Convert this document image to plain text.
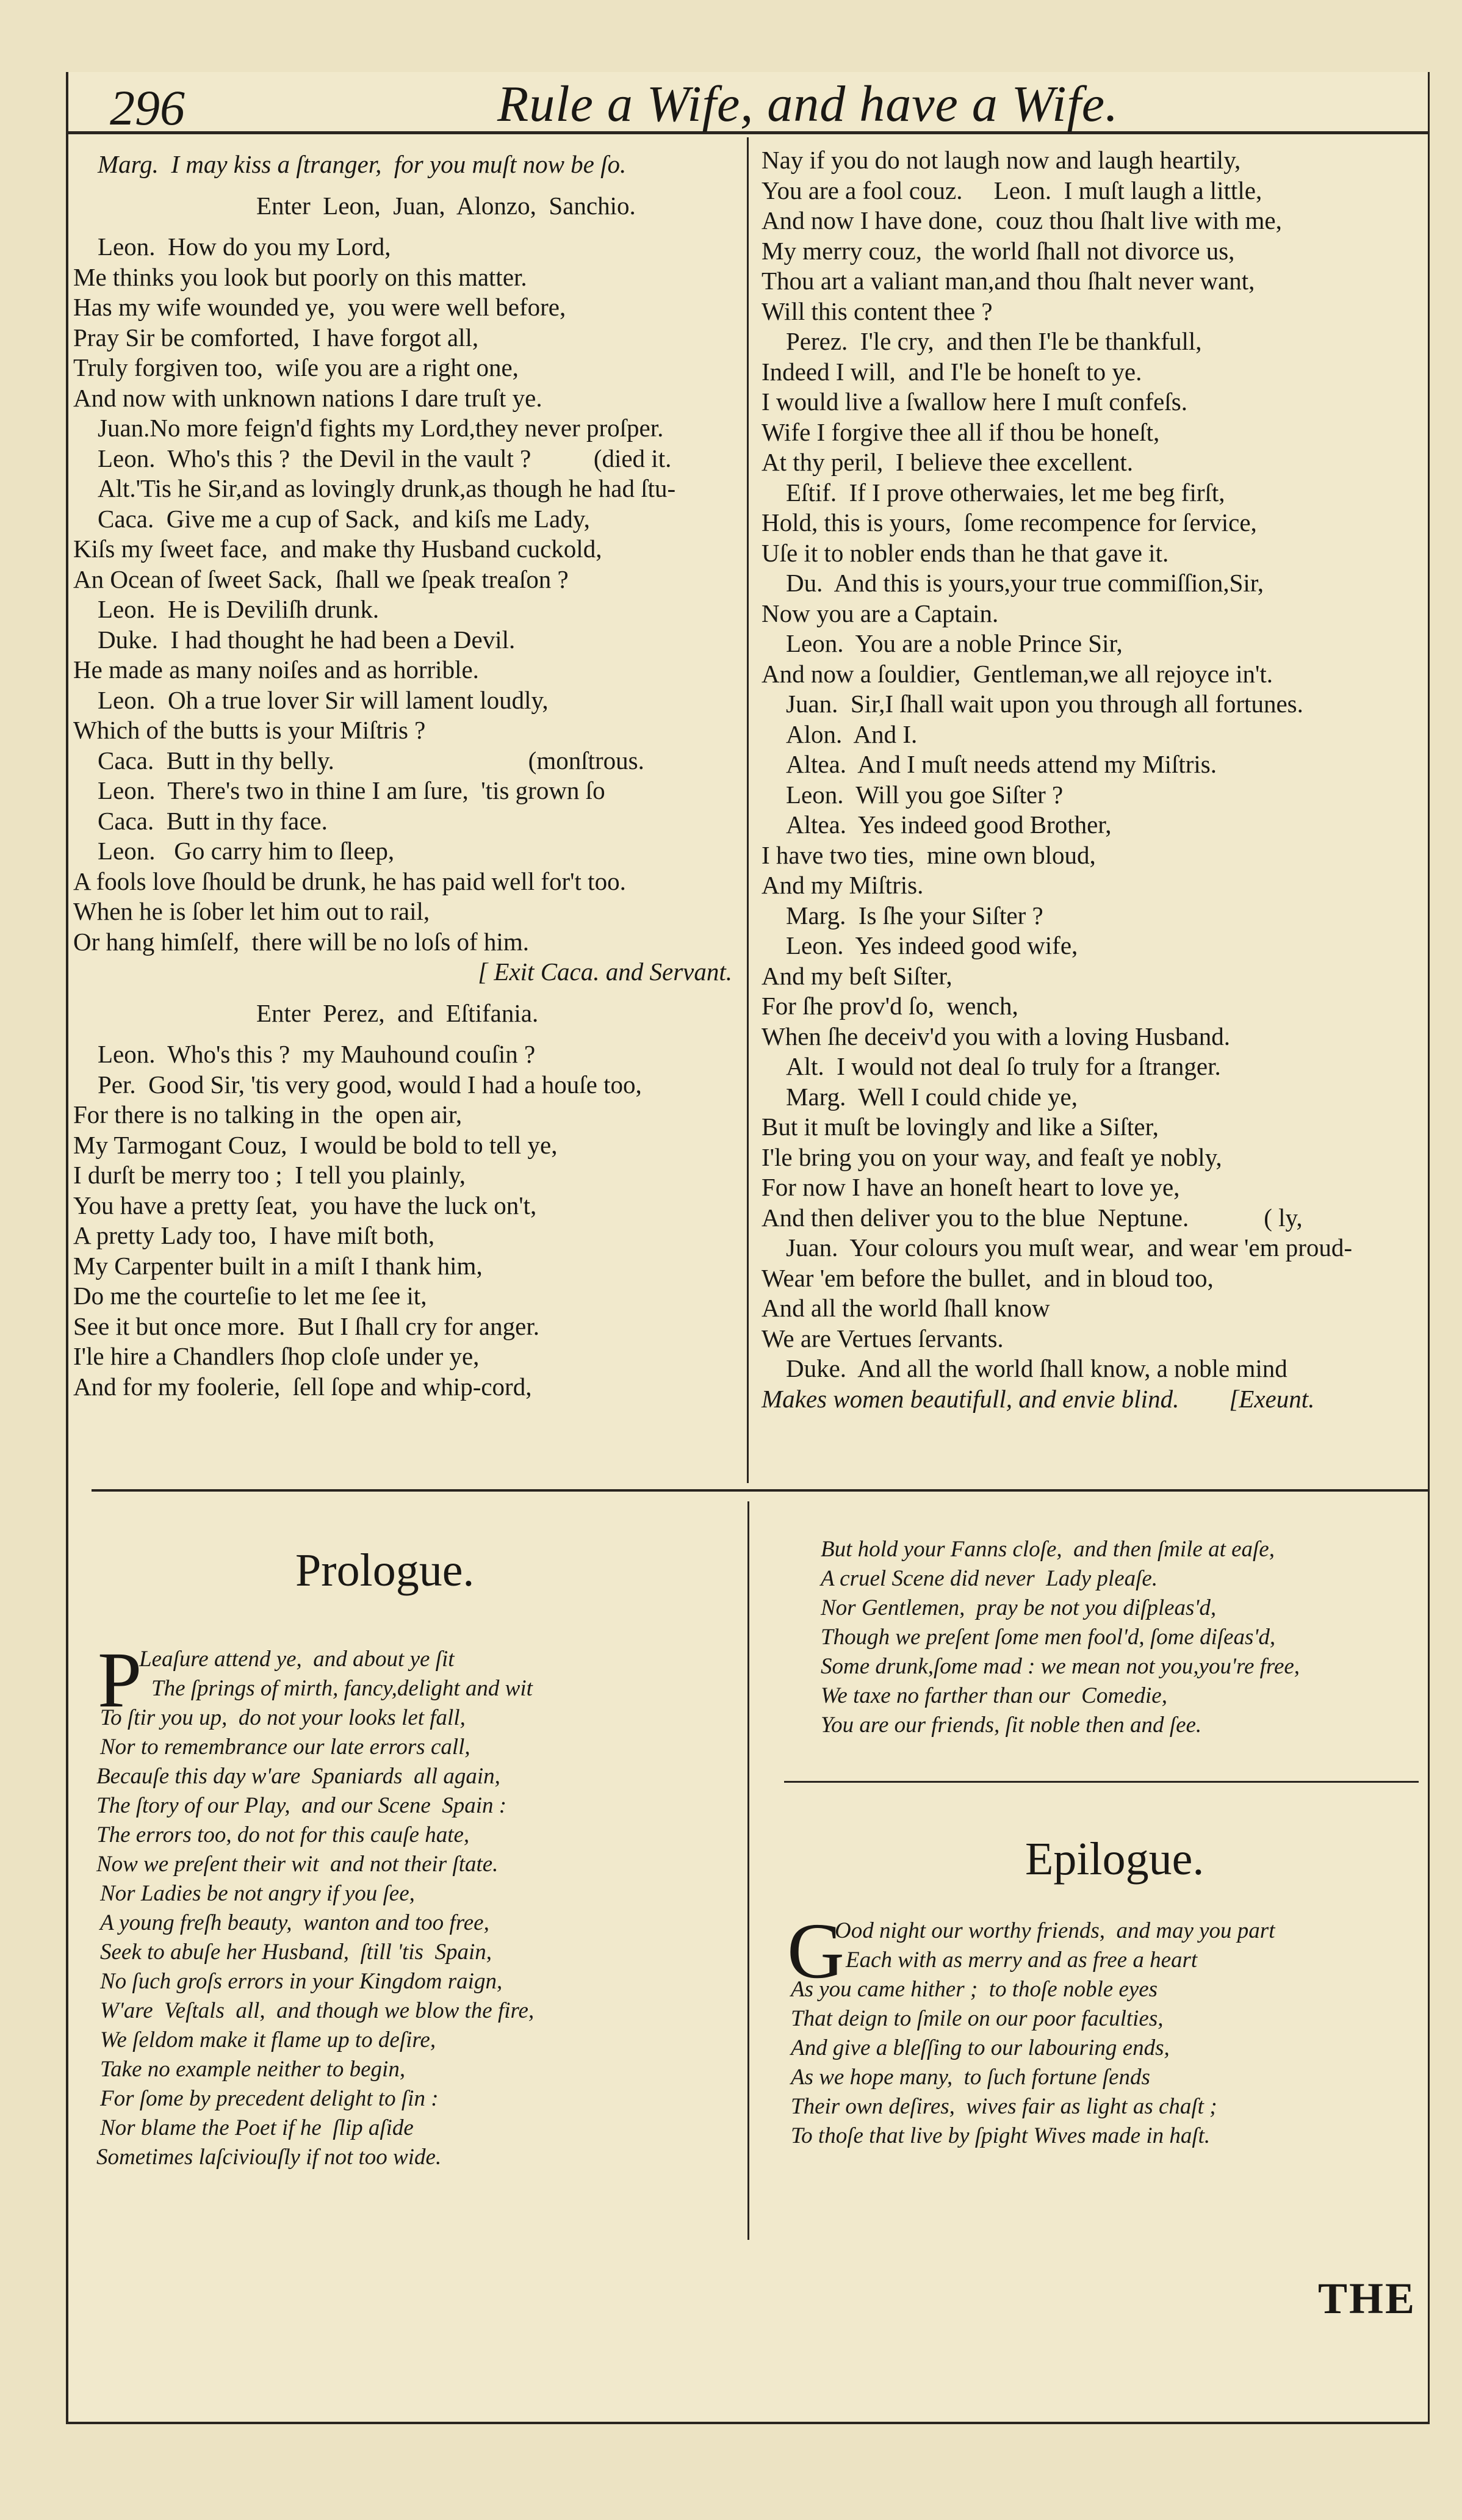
296	Rule a Wife, and have a Wife.
Marg.  I may kiss a ſtranger,  for you muſt now be ſo.
Enter  Leon,  Juan,  Alonzo,  Sanchio.
Leon.  How do you my Lord,
Me thinks you look but poorly on this matter.
Has my wife wounded ye,  you were well before,
Pray Sir be comforted,  I have forgot all,
Truly forgiven too,  wiſe you are a right one,
And now with unknown nations I dare truſt ye.
Juan.No more feign'd fights my Lord,they never proſper.
Leon.  Who's this ?  the Devil in the vault ?          (died it.
Alt.'Tis he Sir,and as lovingly drunk,as though he had ſtu-
Caca.  Give me a cup of Sack,  and kiſs me Lady,
Kiſs my ſweet face,  and make thy Husband cuckold,
An Ocean of ſweet Sack,  ſhall we ſpeak treaſon ?
Leon.  He is Deviliſh drunk.
Duke.  I had thought he had been a Devil.
He made as many noiſes and as horrible.
Leon.  Oh a true lover Sir will lament loudly,
Which of the butts is your Miſtris ?
Caca.  Butt in thy belly.                               (monſtrous.
Leon.  There's two in thine I am ſure,  'tis grown ſo
Caca.  Butt in thy face.
Leon.   Go carry him to ſleep,
A fools love ſhould be drunk, he has paid well for't too.
When he is ſober let him out to rail,
Or hang himſelf,  there will be no loſs of him.
[ Exit Caca. and Servant.
Enter  Perez,  and  Eſtifania.
Leon.  Who's this ?  my Mauhound couſin ?
Per.  Good Sir, 'tis very good, would I had a houſe too,
For there is no talking in  the  open air,
My Tarmogant Couz,  I would be bold to tell ye,
I durſt be merry too ;  I tell you plainly,
You have a pretty ſeat,  you have the luck on't,
A pretty Lady too,  I have miſt both,
My Carpenter built in a miſt I thank him,
Do me the courteſie to let me ſee it,
See it but once more.  But I ſhall cry for anger.
I'le hire a Chandlers ſhop cloſe under ye,
And for my foolerie,  ſell ſope and whip-cord,
Nay if you do not laugh now and laugh heartily,
You are a fool couz.     Leon.  I muſt laugh a little,
And now I have done,  couz thou ſhalt live with me,
My merry couz,  the world ſhall not divorce us,
Thou art a valiant man,and thou ſhalt never want,
Will this content thee ?
Perez.  I'le cry,  and then I'le be thankfull,
Indeed I will,  and I'le be honeſt to ye.
I would live a ſwallow here I muſt confeſs.
Wife I forgive thee all if thou be honeſt,
At thy peril,  I believe thee excellent.
Eſtif.  If I prove otherwaies, let me beg firſt,
Hold, this is yours,  ſome recompence for ſervice,
Uſe it to nobler ends than he that gave it.
Du.  And this is yours,your true commiſſion,Sir,
Now you are a Captain.
Leon.  You are a noble Prince Sir,
And now a ſouldier,  Gentleman,we all rejoyce in't.
Juan.  Sir,I ſhall wait upon you through all fortunes.
Alon.  And I.
Altea.  And I muſt needs attend my Miſtris.
Leon.  Will you goe Siſter ?
Altea.  Yes indeed good Brother,
I have two ties,  mine own bloud,
And my Miſtris.
Marg.  Is ſhe your Siſter ?
Leon.  Yes indeed good wife,
And my beſt Siſter,
For ſhe prov'd ſo,  wench,
When ſhe deceiv'd you with a loving Husband.
Alt.  I would not deal ſo truly for a ſtranger.
Marg.  Well I could chide ye,
But it muſt be lovingly and like a Siſter,
I'le bring you on your way, and feaſt ye nobly,
For now I have an honeſt heart to love ye,
And then deliver you to the blue  Neptune.            ( ly,
Juan.  Your colours you muſt wear,  and wear 'em proud-
Wear 'em before the bullet,  and in bloud too,
And all the world ſhall know
We are Vertues ſervants.
Duke.  And all the world ſhall know, a noble mind
Makes women beautifull, and envie blind.        [Exeunt.
Prologue.
P
Leaſure attend ye,  and about ye ſit
The ſprings of mirth, fancy,delight and wit
To ſtir you up,  do not your looks let fall,
Nor to remembrance our late errors call,
Becauſe this day w'are  Spaniards  all again,
The ſtory of our Play,  and our Scene  Spain :
The errors too, do not for this cauſe hate,
Now we preſent their wit  and not their ſtate.
Nor Ladies be not angry if you ſee,
A young freſh beauty,  wanton and too free,
Seek to abuſe her Husband,  ſtill 'tis  Spain,
No ſuch groſs errors in your Kingdom raign,
W'are  Veſtals  all,  and though we blow the fire,
We ſeldom make it flame up to deſire,
Take no example neither to begin,
For ſome by precedent delight to ſin :
Nor blame the Poet if he  ſlip aſide
Sometimes laſciviouſly if not too wide.
But hold your Fanns cloſe,  and then ſmile at eaſe,
A cruel Scene did never  Lady pleaſe.
Nor Gentlemen,  pray be not you diſpleas'd,
Though we preſent ſome men fool'd, ſome diſeas'd,
Some drunk,ſome mad : we mean not you,you're free,
We taxe no farther than our  Comedie,
You are our friends, ſit noble then and ſee.
Epilogue.
G
Ood night our worthy friends,  and may you part
Each with as merry and as free a heart
As you came hither ;  to thoſe noble eyes
That deign to ſmile on our poor faculties,
And give a bleſſing to our labouring ends,
As we hope many,  to ſuch fortune ſends
Their own deſires,  wives fair as light as chaſt ;
To thoſe that live by ſpight Wives made in haſt.
THE
